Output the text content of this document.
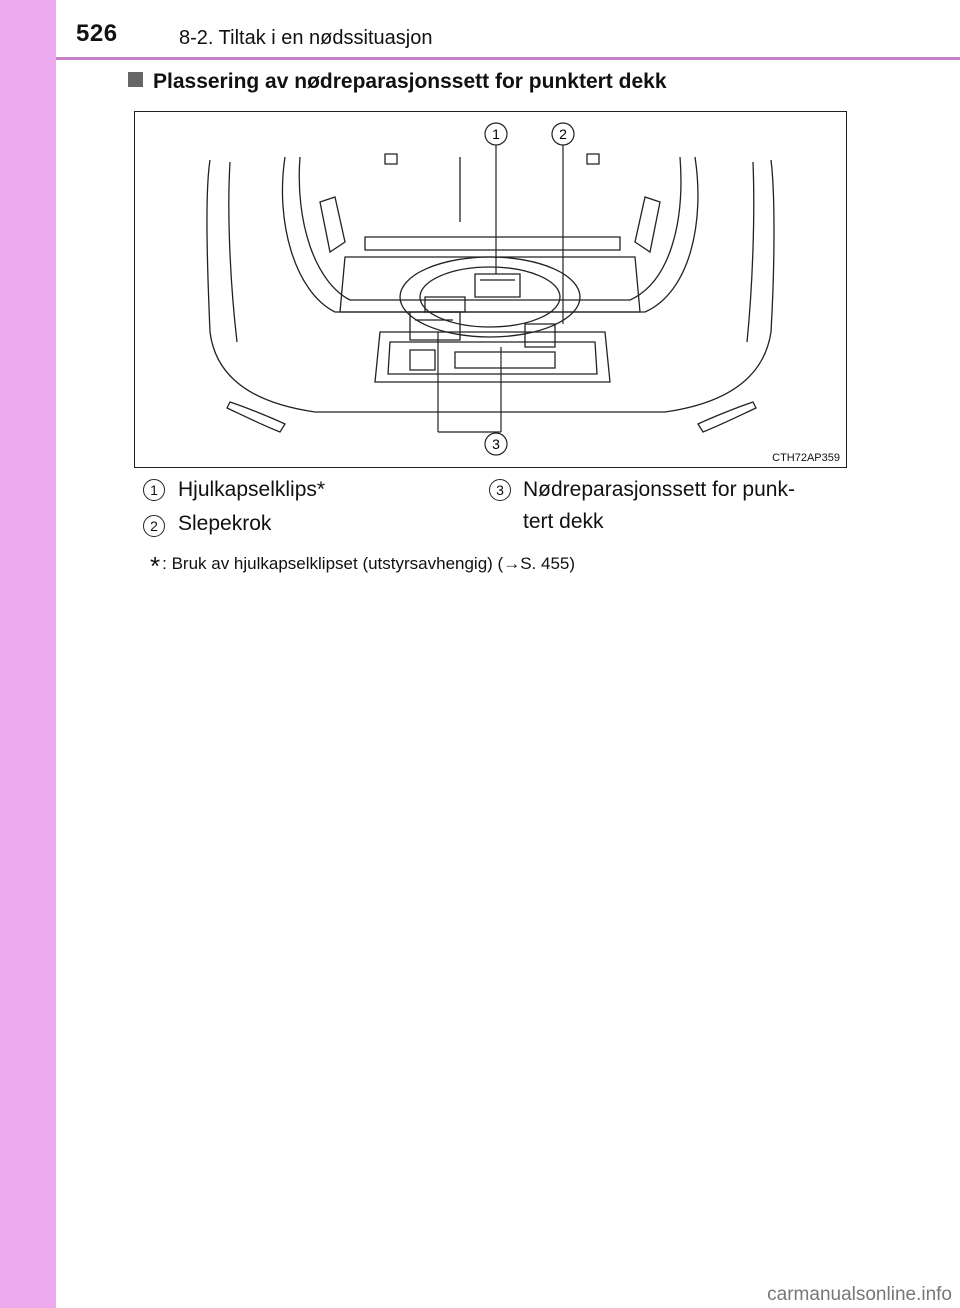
526	8-2. Tiltak i en nødssituasjon
Plassering av nødreparasjonssett for punktert dekk
1	2
3
CTH72AP359
1 Hjulkapselklips*
2 Slepekrok
3 Nødreparasjonssett for punk-
tert dekk
* : Bruk av hjulkapselklipset (utstyrsavhengig) (→S. 455)
carmanualsonline.info
